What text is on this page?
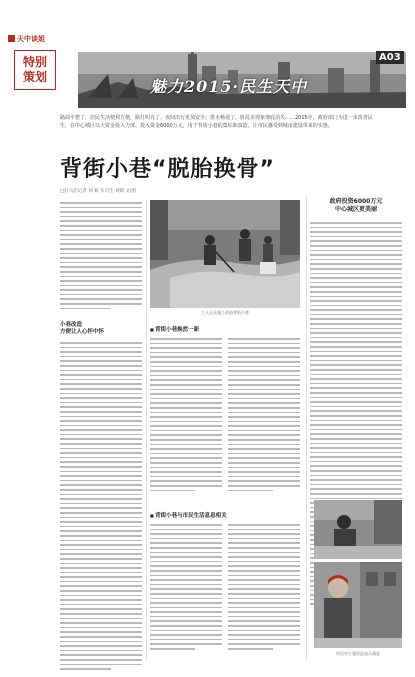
天中谈姐
特别
策划	魅力2015·民生天中
A03
路面平整了、居民生活便利方便，路灯明亮了、夜间出行更加安全；排水畅通了，脏乱差现象彻底消失……2015年，政府部门为进一步改善民生，在中心城区以大资金投入力度、投入资金6000万元，用于背街小巷的集综和改造，让市民感受到城市建设带来的实惠。
背街小巷“脱胎换骨”
□驻马店记者 刘 莉 实习生 刘婧 文/图
小巷改造
方便让人心怀中怀
工人正在施工改造背街小巷
政府投资6000万元
中心城区更美丽
■ 背街小巷焕然一新
■ 背街小巷与市民生活息息相关
市民对小巷改造表示满意
